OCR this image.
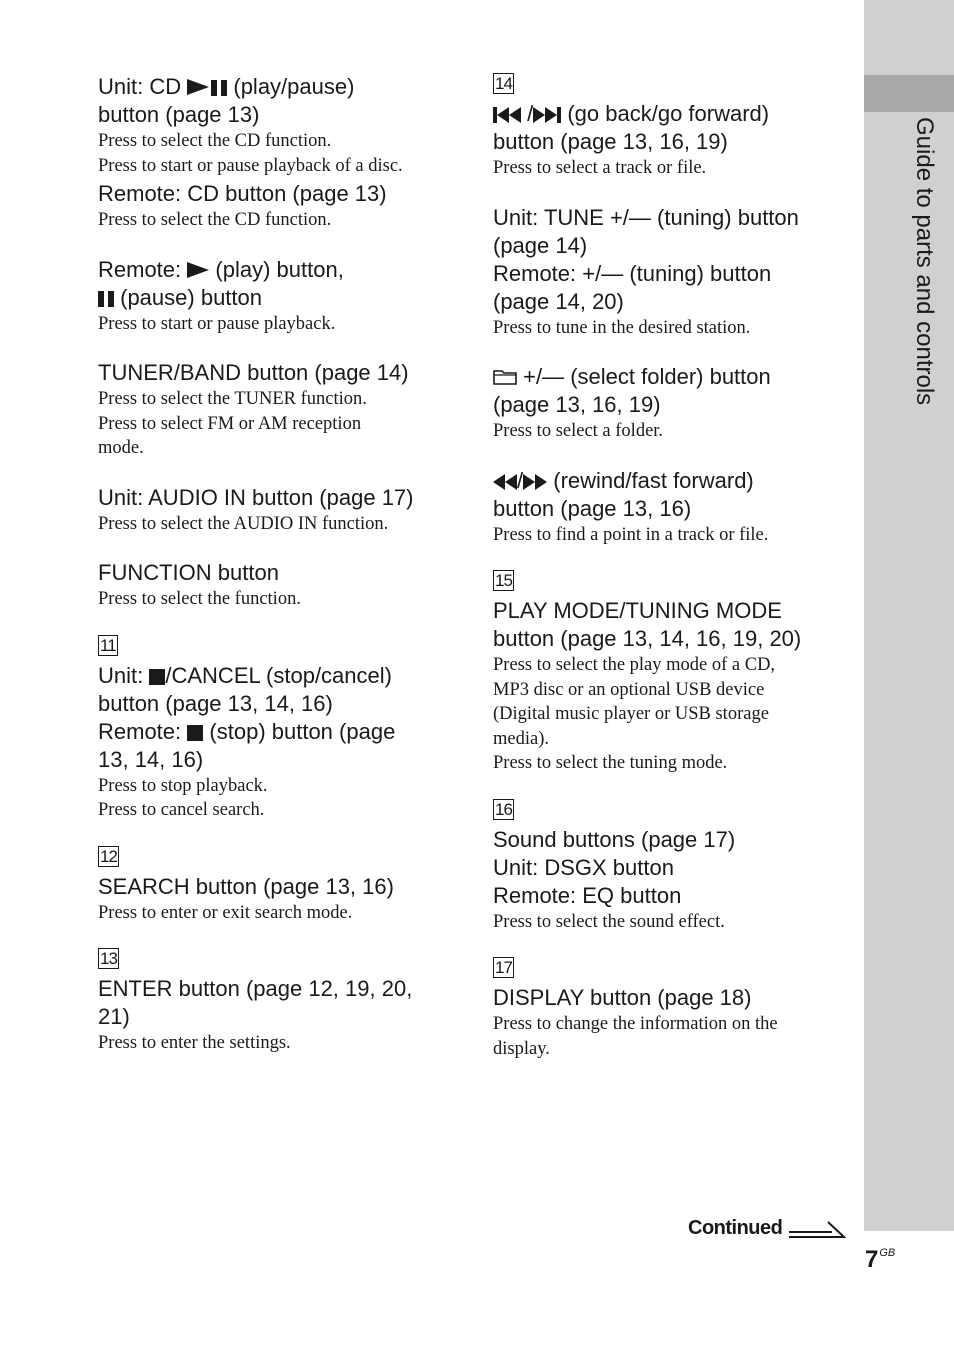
Guide to parts and controls
Unit: CD (play/pause)
button (page 13)
Press to select the CD function.
Press to start or pause playback of a disc.
Remote: CD button (page 13)
Press to select the CD function.
Remote: (play) button,
(pause) button
Press to start or pause playback.
TUNER/BAND button (page 14)
Press to select the TUNER function.
Press to select FM or AM reception
mode.
Unit: AUDIO IN button (page 17)
Press to select the AUDIO IN function.
FUNCTION button
Press to select the function.
11
Unit: /CANCEL (stop/cancel)
button (page 13, 14, 16)
Remote: (stop) button (page
13, 14, 16)
Press to stop playback.
Press to cancel search.
12
SEARCH button (page 13, 16)
Press to enter or exit search mode.
13
ENTER button (page 12, 19, 20,
21)
Press to enter the settings.
14
/ (go back/go forward)
button (page 13, 16, 19)
Press to select a track or file.
Unit: TUNE +/— (tuning) button
(page 14)
Remote: +/— (tuning) button
(page 14, 20)
Press to tune in the desired station.
+/— (select folder) button
(page 13, 16, 19)
Press to select a folder.
/ (rewind/fast forward)
button (page 13, 16)
Press to find a point in a track or file.
15
PLAY MODE/TUNING MODE
button (page 13, 14, 16, 19, 20)
Press to select the play mode of a CD,
MP3 disc or an optional USB device
(Digital music player or USB storage
media).
Press to select the tuning mode.
16
Sound buttons (page 17)
Unit: DSGX button
Remote: EQ button
Press to select the sound effect.
17
DISPLAY button (page 18)
Press to change the information on the
display.
Continued
$7^{GB}$
